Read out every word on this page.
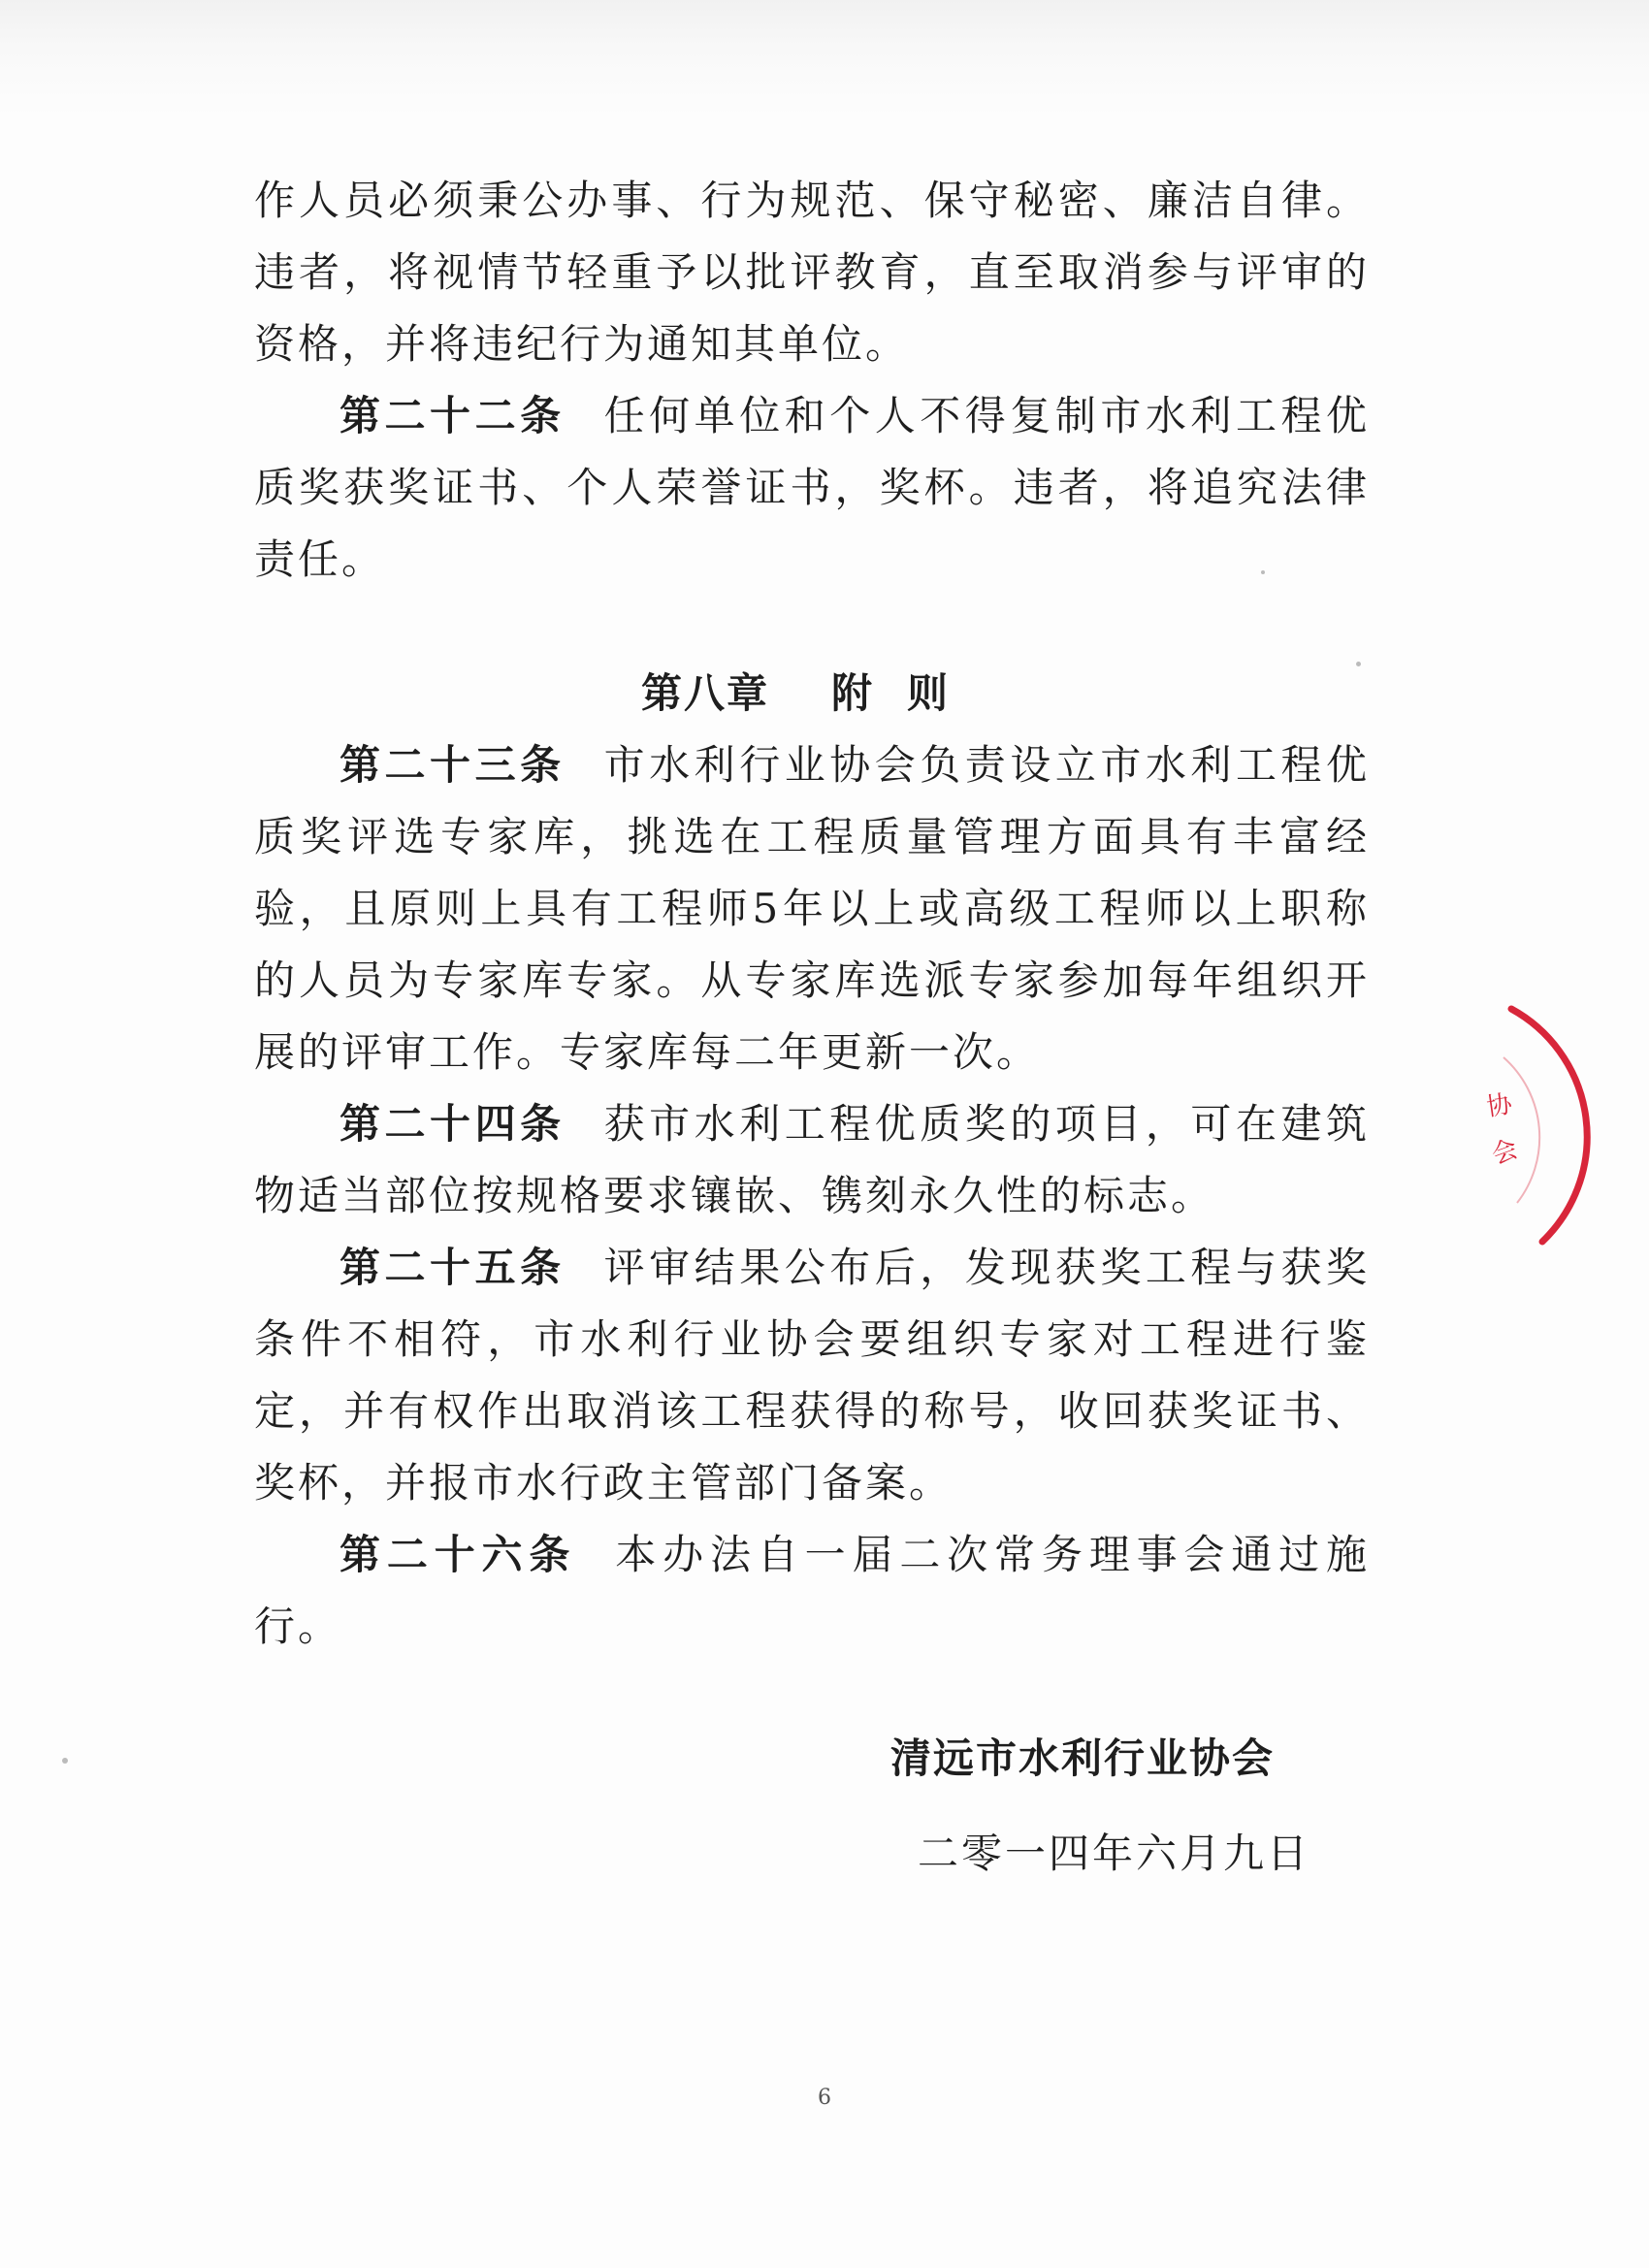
作人员必须秉公办事、行为规范、保守秘密、廉洁自律。违者，将视情节轻重予以批评教育，直至取消参与评审的资格，并将违纪行为通知其单位。

第二十二条 任何单位和个人不得复制市水利工程优质奖获奖证书、个人荣誉证书，奖杯。违者，将追究法律责任。

第八章 附则

第二十三条 市水利行业协会负责设立市水利工程优质奖评选专家库，挑选在工程质量管理方面具有丰富经验，且原则上具有工程师5年以上或高级工程师以上职称的人员为专家库专家。从专家库选派专家参加每年组织开展的评审工作。专家库每二年更新一次。

第二十四条 获市水利工程优质奖的项目，可在建筑物适当部位按规格要求镶嵌、镌刻永久性的标志。

第二十五条 评审结果公布后，发现获奖工程与获奖条件不相符，市水利行业协会要组织专家对工程进行鉴定，并有权作出取消该工程获得的称号，收回获奖证书、奖杯，并报市水行政主管部门备案。

第二十六条 本办法自一届二次常务理事会通过施行。

协
会
清远市水利行业协会
二零一四年六月九日
6
